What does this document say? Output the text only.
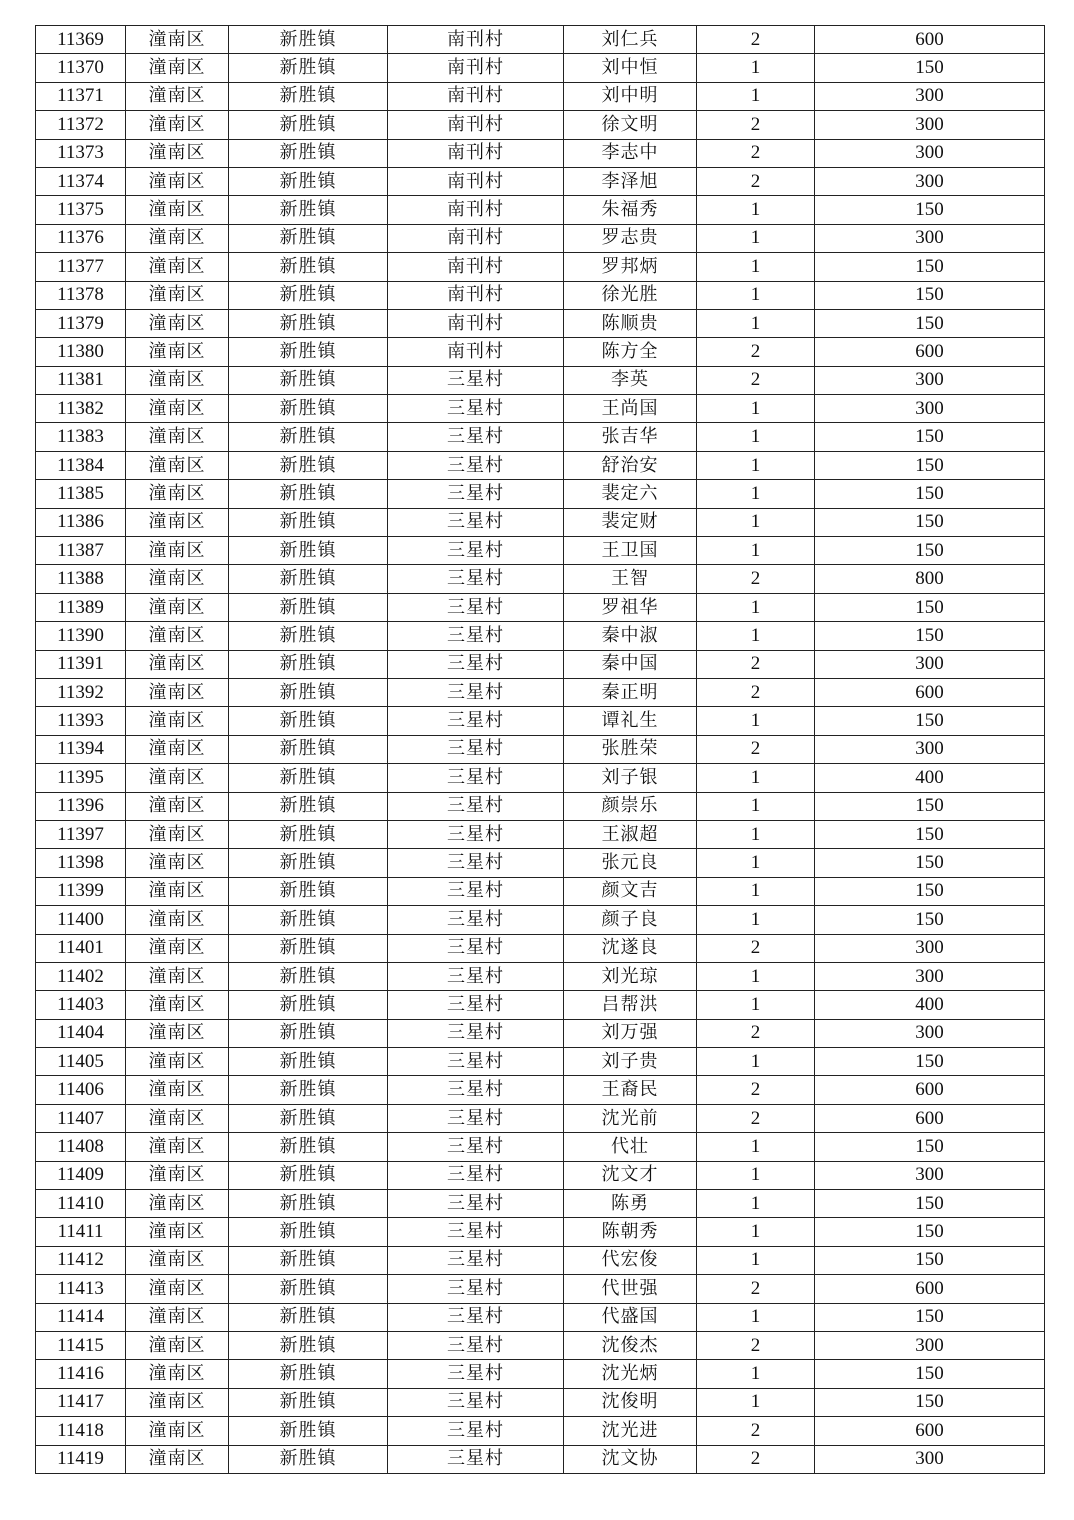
11369	潼南区	新胜镇	南刊村	刘仁兵	2	600
11370	潼南区	新胜镇	南刊村	刘中恒	1	150
11371	潼南区	新胜镇	南刊村	刘中明	1	300
11372	潼南区	新胜镇	南刊村	徐文明	2	300
11373	潼南区	新胜镇	南刊村	李志中	2	300
11374	潼南区	新胜镇	南刊村	李泽旭	2	300
11375	潼南区	新胜镇	南刊村	朱福秀	1	150
11376	潼南区	新胜镇	南刊村	罗志贵	1	300
11377	潼南区	新胜镇	南刊村	罗邦炳	1	150
11378	潼南区	新胜镇	南刊村	徐光胜	1	150
11379	潼南区	新胜镇	南刊村	陈顺贵	1	150
11380	潼南区	新胜镇	南刊村	陈方全	2	600
11381	潼南区	新胜镇	三星村	李英	2	300
11382	潼南区	新胜镇	三星村	王尚国	1	300
11383	潼南区	新胜镇	三星村	张吉华	1	150
11384	潼南区	新胜镇	三星村	舒治安	1	150
11385	潼南区	新胜镇	三星村	裴定六	1	150
11386	潼南区	新胜镇	三星村	裴定财	1	150
11387	潼南区	新胜镇	三星村	王卫国	1	150
11388	潼南区	新胜镇	三星村	王智	2	800
11389	潼南区	新胜镇	三星村	罗祖华	1	150
11390	潼南区	新胜镇	三星村	秦中淑	1	150
11391	潼南区	新胜镇	三星村	秦中国	2	300
11392	潼南区	新胜镇	三星村	秦正明	2	600
11393	潼南区	新胜镇	三星村	谭礼生	1	150
11394	潼南区	新胜镇	三星村	张胜荣	2	300
11395	潼南区	新胜镇	三星村	刘子银	1	400
11396	潼南区	新胜镇	三星村	颜崇乐	1	150
11397	潼南区	新胜镇	三星村	王淑超	1	150
11398	潼南区	新胜镇	三星村	张元良	1	150
11399	潼南区	新胜镇	三星村	颜文吉	1	150
11400	潼南区	新胜镇	三星村	颜子良	1	150
11401	潼南区	新胜镇	三星村	沈遂良	2	300
11402	潼南区	新胜镇	三星村	刘光琼	1	300
11403	潼南区	新胜镇	三星村	吕帮洪	1	400
11404	潼南区	新胜镇	三星村	刘万强	2	300
11405	潼南区	新胜镇	三星村	刘子贵	1	150
11406	潼南区	新胜镇	三星村	王裔民	2	600
11407	潼南区	新胜镇	三星村	沈光前	2	600
11408	潼南区	新胜镇	三星村	代壮	1	150
11409	潼南区	新胜镇	三星村	沈文才	1	300
11410	潼南区	新胜镇	三星村	陈勇	1	150
11411	潼南区	新胜镇	三星村	陈朝秀	1	150
11412	潼南区	新胜镇	三星村	代宏俊	1	150
11413	潼南区	新胜镇	三星村	代世强	2	600
11414	潼南区	新胜镇	三星村	代盛国	1	150
11415	潼南区	新胜镇	三星村	沈俊杰	2	300
11416	潼南区	新胜镇	三星村	沈光炳	1	150
11417	潼南区	新胜镇	三星村	沈俊明	1	150
11418	潼南区	新胜镇	三星村	沈光进	2	600
11419	潼南区	新胜镇	三星村	沈文协	2	300
